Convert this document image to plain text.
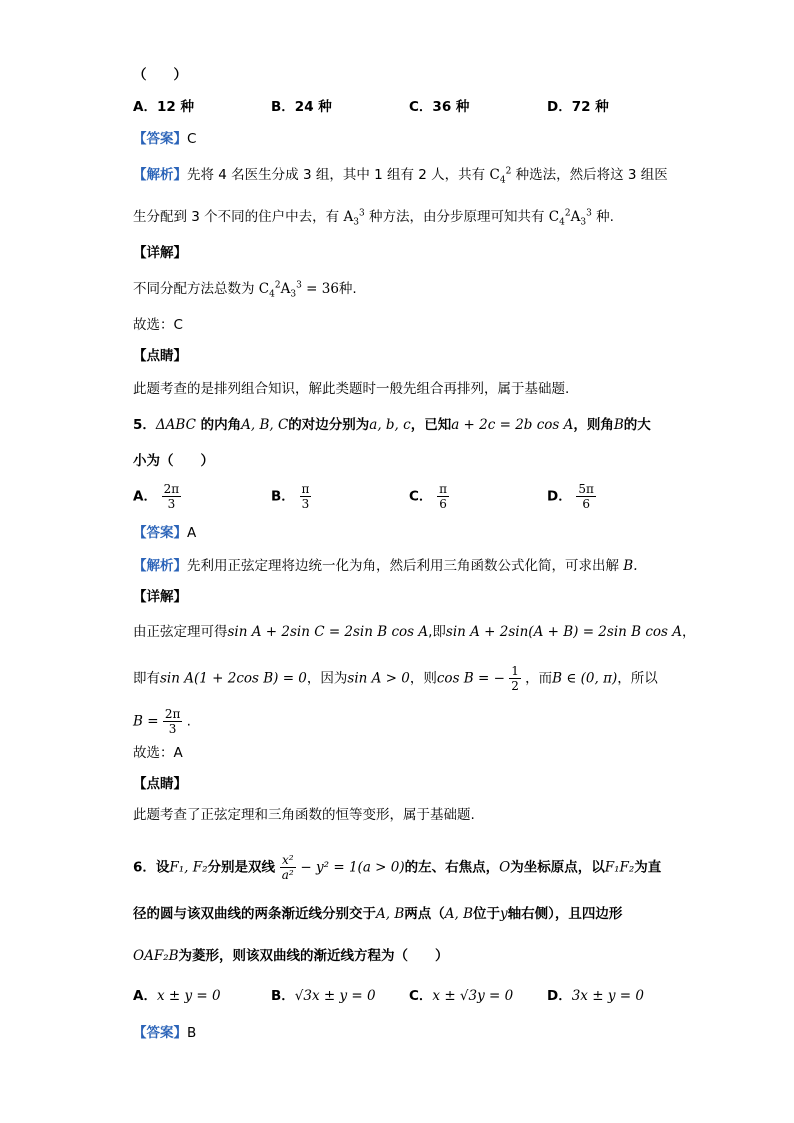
（　　）
A．12 种	B．24 种	C．36 种	D．72 种
【答案】C
【解析】先将 4 名医生分成 3 组，其中 1 组有 2 人，共有 $C_4^2$ 种选法，然后将这 3 组医
生分配到 3 个不同的住户中去，有 $A_3^3$ 种方法，由分步原理可知共有 $C_4^2A_3^3$ 种.
【详解】
不同分配方法总数为 $C_4^2A_3^3 = 36$种.
故选：C
【点睛】
此题考查的是排列组合知识，解此类题时一般先组合再排列，属于基础题.
5．ΔABC 的内角A, B, C的对边分别为a, b, c，已知a + 2c = 2b cos A，则角B的大
小为（　　）
A． $\frac{2\pi}{3}$	B． $\frac{\pi}{3}$	C． $\frac{\pi}{6}$	D． $\frac{5\pi}{6}$
【答案】A
【解析】先利用正弦定理将边统一化为角，然后利用三角函数公式化简，可求出解 B.
【详解】
由正弦定理可得sin A + 2sin C = 2sin B cos A,即sin A + 2sin(A + B) = 2sin B cos A，
即有sin A(1 + 2cos B) = 0，因为sin A > 0，则cos B = − $\frac{1}{2}$ ，而B ∈ (0, π)，所以
$B = \frac{2\pi}{3}$ .
故选：A
【点睛】
此题考查了正弦定理和三角函数的恒等变形，属于基础题.
6．设F₁, F₂分别是双线 $\frac{\text{x²}}{\text{a²}} - y^2 = 1(a > 0)$的左、右焦点，O为坐标原点，以F₁F₂为直
径的圆与该双曲线的两条渐近线分别交于A, B两点（A, B位于y轴右侧），且四边形
OAF₂B为菱形，则该双曲线的渐近线方程为（　　）
A．x ± y = 0	B．√3x ± y = 0 C．x ± √3y = 0	D．3x ± y = 0
【答案】B
